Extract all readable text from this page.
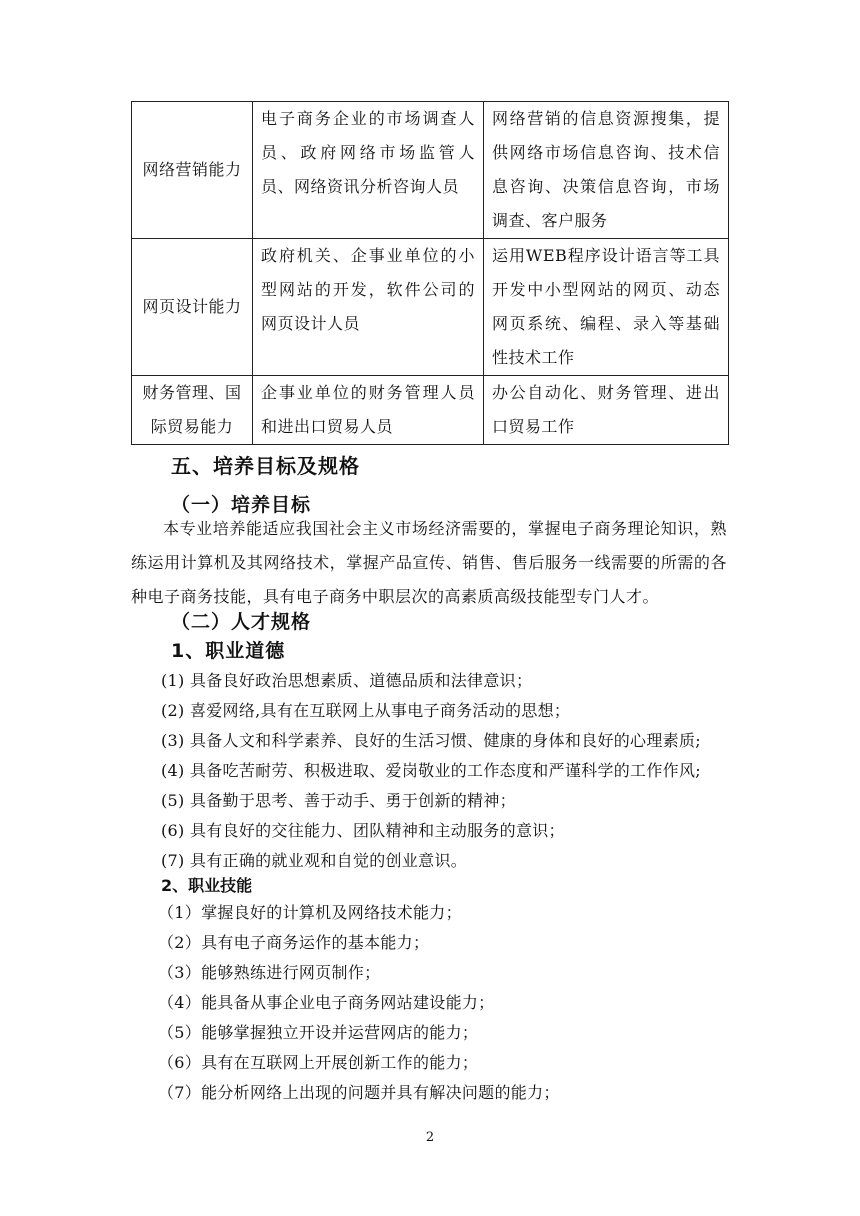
网络营销能力	电子商务企业的市场调查人员、政府网络市场监管人员、网络资讯分析咨询人员	网络营销的信息资源搜集，提供网络市场信息咨询、技术信息咨询、决策信息咨询，市场调查、客户服务

网页设计能力	政府机关、企事业单位的小型网站的开发，软件公司的网页设计人员	运用WEB程序设计语言等工具开发中小型网站的网页、动态网页系统、编程、录入等基础性技术工作

财务管理、国际贸易能力	企事业单位的财务管理人员和进出口贸易人员	办公自动化、财务管理、进出口贸易工作
五、培养目标及规格
（一）培养目标
本专业培养能适应我国社会主义市场经济需要的，掌握电子商务理论知识，熟练运用计算机及其网络技术，掌握产品宣传、销售、售后服务一线需要的所需的各种电子商务技能，具有电子商务中职层次的高素质高级技能型专门人才。
（二）人才规格
1、职业道德
(1) 具备良好政治思想素质、道德品质和法律意识；
(2) 喜爱网络,具有在互联网上从事电子商务活动的思想；
(3) 具备人文和科学素养、良好的生活习惯、健康的身体和良好的心理素质;
(4) 具备吃苦耐劳、积极进取、爱岗敬业的工作态度和严谨科学的工作作风;
(5) 具备勤于思考、善于动手、勇于创新的精神；
(6) 具有良好的交往能力、团队精神和主动服务的意识；
(7) 具有正确的就业观和自觉的创业意识。
2、职业技能
（1）掌握良好的计算机及网络技术能力；
（2）具有电子商务运作的基本能力；
（3）能够熟练进行网页制作；
（4）能具备从事企业电子商务网站建设能力；
（5）能够掌握独立开设并运营网店的能力；
（6）具有在互联网上开展创新工作的能力；
（7）能分析网络上出现的问题并具有解决问题的能力；
2
